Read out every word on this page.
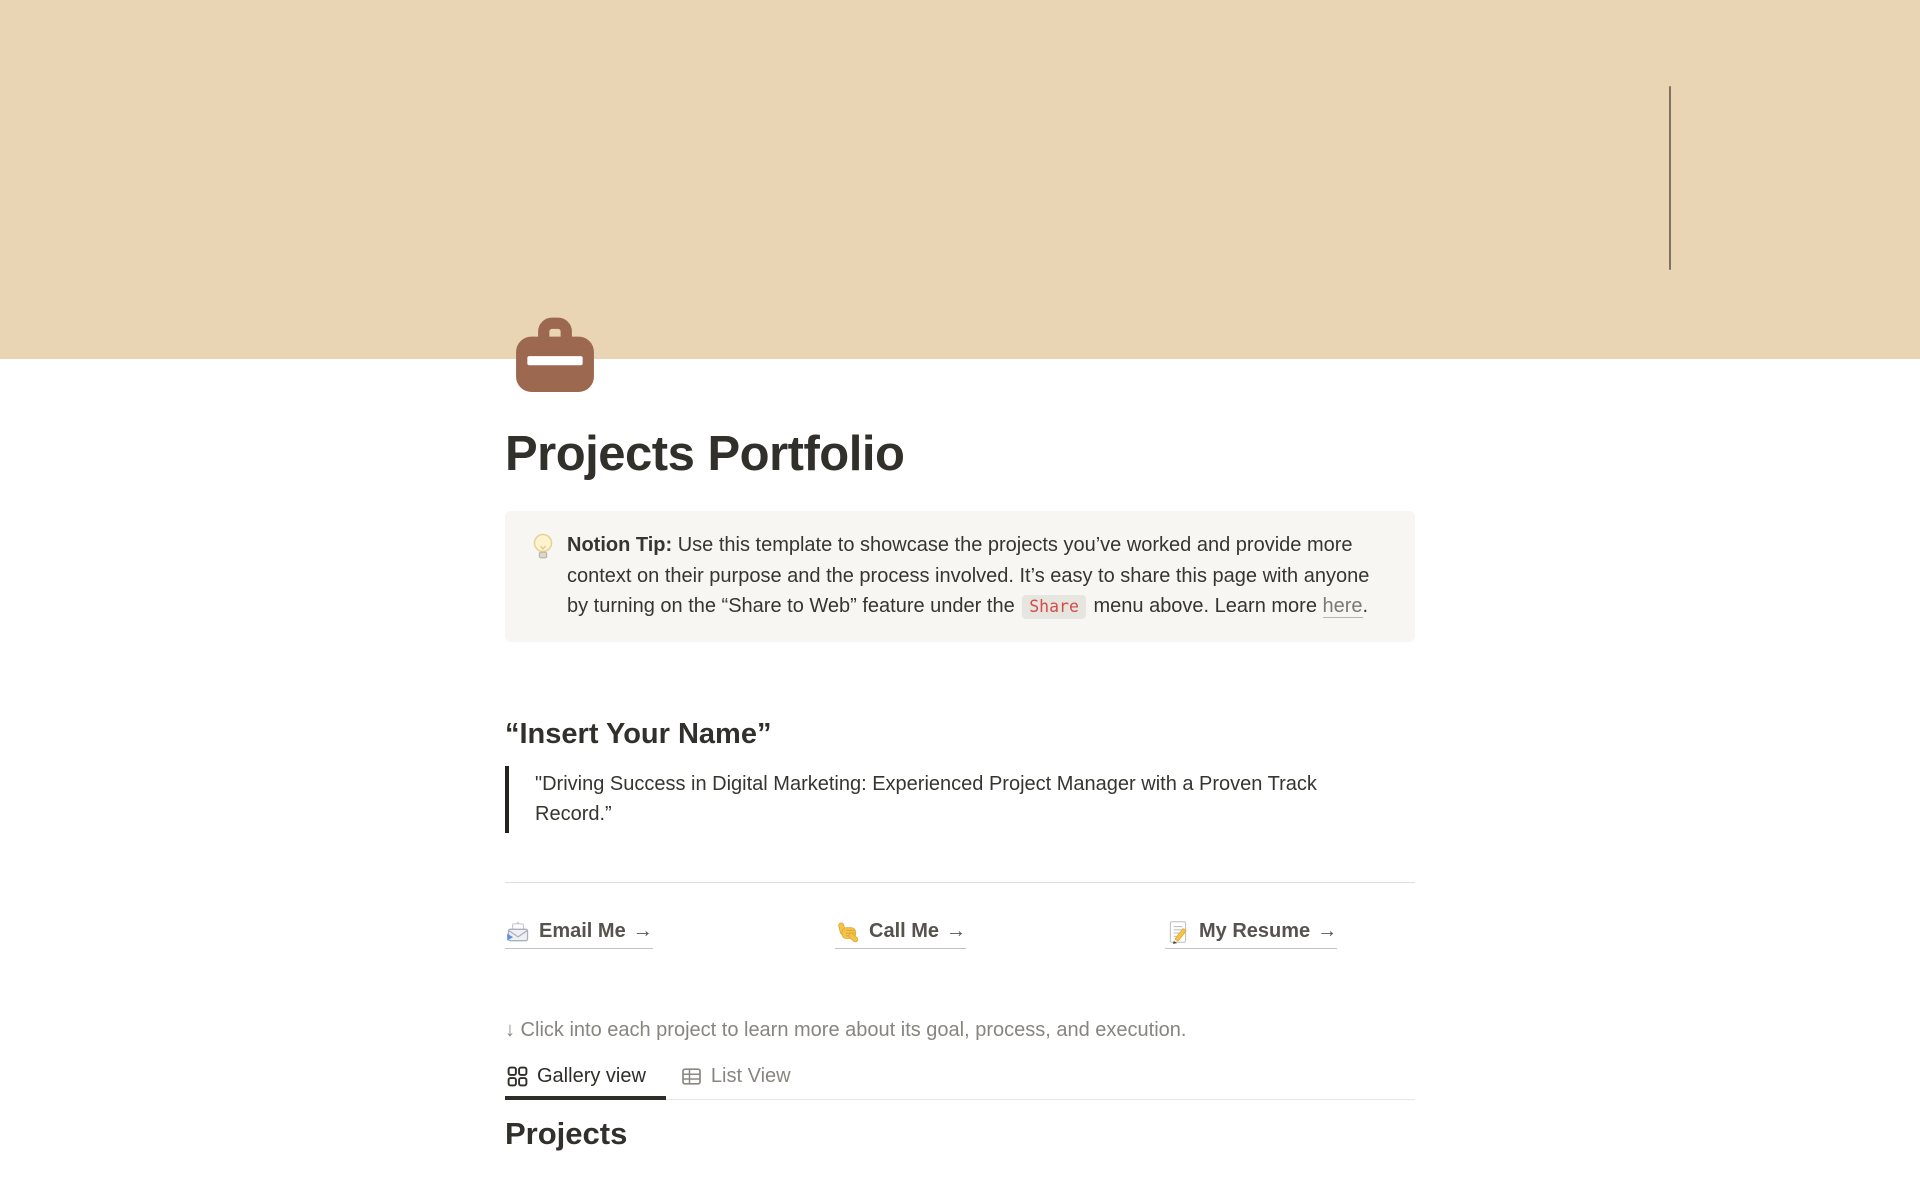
Projects Portfolio
Notion Tip: Use this template to showcase the projects you’ve worked and provide more context on their purpose and the process involved. It’s easy to share this page with anyone by turning on the “Share to Web” feature under the Share menu above. Learn more here.
“Insert Your Name”
"Driving Success in Digital Marketing: Experienced Project Manager with a Proven Track Record.”
Email Me →	Call Me →	My Resume →
↓ Click into each project to learn more about its goal, process, and execution.
Gallery view	List View
Projects
